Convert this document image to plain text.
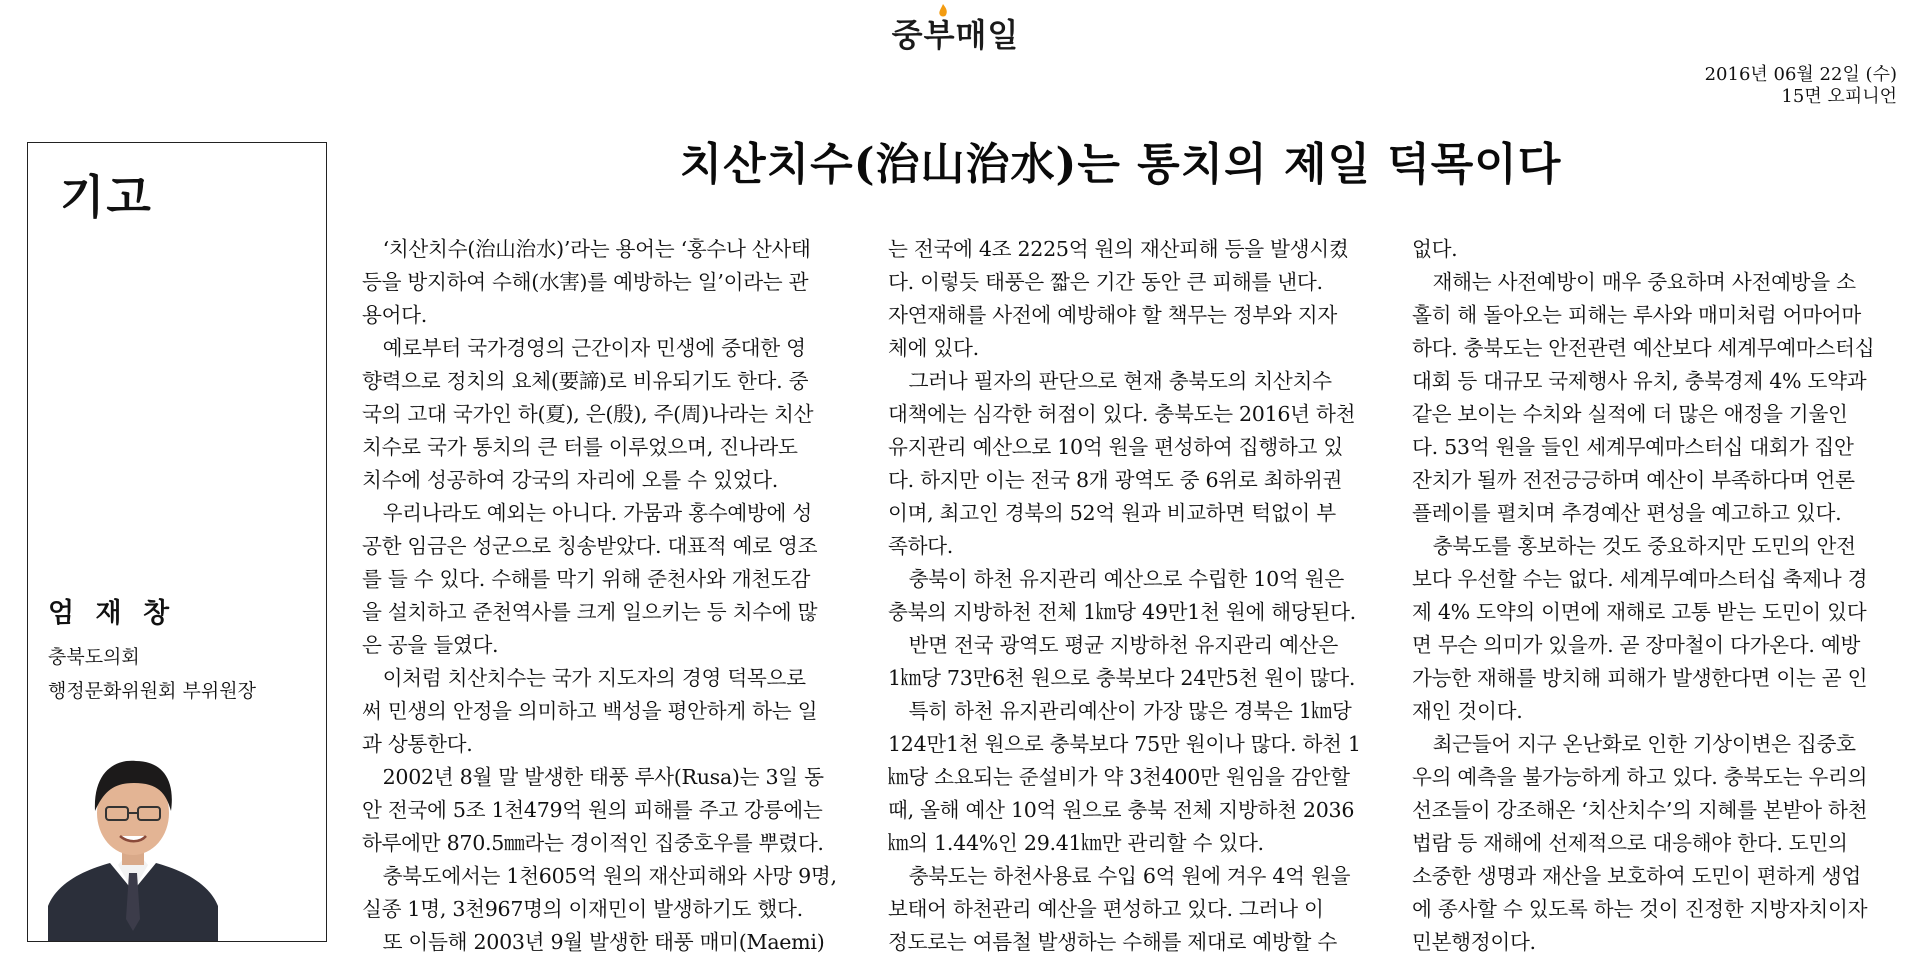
중부매일
2016년 06월 22일 (수)
15면 오피니언
기고
엄 재 창
충북도의회
행정문화위원회 부위원장
치산치수(治山治水)는 통치의 제일 덕목이다

‘치산치수(治山治水)’라는 용어는 ‘홍수나 산사태

등을 방지하여 수해(水害)를 예방하는 일’이라는 관

용어다.

예로부터 국가경영의 근간이자 민생에 중대한 영

향력으로 정치의 요체(要諦)로 비유되기도 한다. 중

국의 고대 국가인 하(夏), 은(殷), 주(周)나라는 치산

치수로 국가 통치의 큰 터를 이루었으며, 진나라도

치수에 성공하여 강국의 자리에 오를 수 있었다.

우리나라도 예외는 아니다. 가뭄과 홍수예방에 성

공한 임금은 성군으로 칭송받았다. 대표적 예로 영조

를 들 수 있다. 수해를 막기 위해 준천사와 개천도감

을 설치하고 준천역사를 크게 일으키는 등 치수에 많

은 공을 들였다.

이처럼 치산치수는 국가 지도자의 경영 덕목으로

써 민생의 안정을 의미하고 백성을 평안하게 하는 일

과 상통한다.

2002년 8월 말 발생한 태풍 루사(Rusa)는 3일 동

안 전국에 5조 1천479억 원의 피해를 주고 강릉에는

하루에만 870.5㎜라는 경이적인 집중호우를 뿌렸다.

충북도에서는 1천605억 원의 재산피해와 사망 9명,

실종 1명, 3천967명의 이재민이 발생하기도 했다.

또 이듬해 2003년 9월 발생한 태풍 매미(Maemi)

는 전국에 4조 2225억 원의 재산피해 등을 발생시켰

다. 이렇듯 태풍은 짧은 기간 동안 큰 피해를 낸다.

자연재해를 사전에 예방해야 할 책무는 정부와 지자

체에 있다.

그러나 필자의 판단으로 현재 충북도의 치산치수

대책에는 심각한 허점이 있다. 충북도는 2016년 하천

유지관리 예산으로 10억 원을 편성하여 집행하고 있

다. 하지만 이는 전국 8개 광역도 중 6위로 최하위권

이며, 최고인 경북의 52억 원과 비교하면 턱없이 부

족하다.

충북이 하천 유지관리 예산으로 수립한 10억 원은

충북의 지방하천 전체 1㎞당 49만1천 원에 해당된다.

반면 전국 광역도 평균 지방하천 유지관리 예산은

1㎞당 73만6천 원으로 충북보다 24만5천 원이 많다.

특히 하천 유지관리예산이 가장 많은 경북은 1㎞당

124만1천 원으로 충북보다 75만 원이나 많다. 하천 1

㎞당 소요되는 준설비가 약 3천400만 원임을 감안할

때, 올해 예산 10억 원으로 충북 전체 지방하천 2036

㎞의 1.44%인 29.41㎞만 관리할 수 있다.

충북도는 하천사용료 수입 6억 원에 겨우 4억 원을

보태어 하천관리 예산을 편성하고 있다. 그러나 이

정도로는 여름철 발생하는 수해를 제대로 예방할 수

없다.

재해는 사전예방이 매우 중요하며 사전예방을 소

홀히 해 돌아오는 피해는 루사와 매미처럼 어마어마

하다. 충북도는 안전관련 예산보다 세계무예마스터십

대회 등 대규모 국제행사 유치, 충북경제 4% 도약과

같은 보이는 수치와 실적에 더 많은 애정을 기울인

다. 53억 원을 들인 세계무예마스터십 대회가 집안

잔치가 될까 전전긍긍하며 예산이 부족하다며 언론

플레이를 펼치며 추경예산 편성을 예고하고 있다.

충북도를 홍보하는 것도 중요하지만 도민의 안전

보다 우선할 수는 없다. 세계무예마스터십 축제나 경

제 4% 도약의 이면에 재해로 고통 받는 도민이 있다

면 무슨 의미가 있을까. 곧 장마철이 다가온다. 예방

가능한 재해를 방치해 피해가 발생한다면 이는 곧 인

재인 것이다.

최근들어 지구 온난화로 인한 기상이변은 집중호

우의 예측을 불가능하게 하고 있다. 충북도는 우리의

선조들이 강조해온 ‘치산치수’의 지혜를 본받아 하천

법람 등 재해에 선제적으로 대응해야 한다. 도민의

소중한 생명과 재산을 보호하여 도민이 편하게 생업

에 종사할 수 있도록 하는 것이 진정한 지방자치이자

민본행정이다.
